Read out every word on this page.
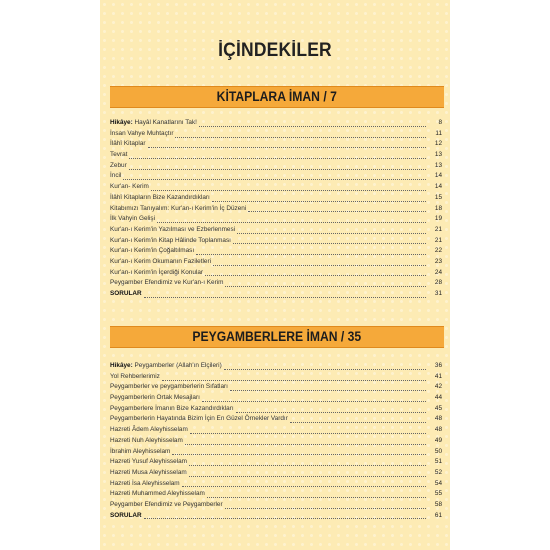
İÇİNDEKİLER
KİTAPLARA İMAN / 7
Hikâye: Hayâl Kanatlarını Tak!	8
İnsan Vahye Muhtaçtır	11
İlâhî Kitaplar	12
Tevrat	13
Zebur	13
İncil	14
Kur'an- Kerim	14
İlâhî Kitapların Bize Kazandırdıkları	15
Kitabımızı Tanıyalım: Kur'an-ı Kerim'in İç Düzeni	18
İlk Vahyin Gelişi	19
Kur'an-ı Kerim'in Yazılması ve Ezberlenmesi	21
Kur'an-ı Kerim'in Kitap Hâlinde Toplanması	21
Kur'an-ı Kerim'in Çoğaltılması	22
Kur'an-ı Kerim Okumanın Faziletleri	23
Kur'an-ı Kerim'in İçerdiği Konular	24
Peygamber Efendimiz ve Kur'an-ı Kerim	28
SORULAR	31
PEYGAMBERLERE İMAN / 35
Hikâye: Peygamberler (Allah'ın Elçileri)	36
Yol Rehberlerimiz	41
Peygamberler ve peygamberlerin Sıfatları	42
Peygamberlerin Ortak Mesajları	44
Peygamberlere İmanın Bize Kazandırdıkları	45
Peygamberlerin Hayatında Bizim İçin En Güzel Örnekler Vardır	48
Hazreti Âdem Aleyhisselam	48
Hazreti Nuh Aleyhisselam	49
İbrahim Aleyhisselam	50
Hazreti Yusuf Aleyhisselam	51
Hazreti Musa Aleyhisselam	52
Hazreti İsa Aleyhisselam	54
Hazreti Muhammed Aleyhisselam	55
Peygamber Efendimiz ve Peygamberler	58
SORULAR	61
